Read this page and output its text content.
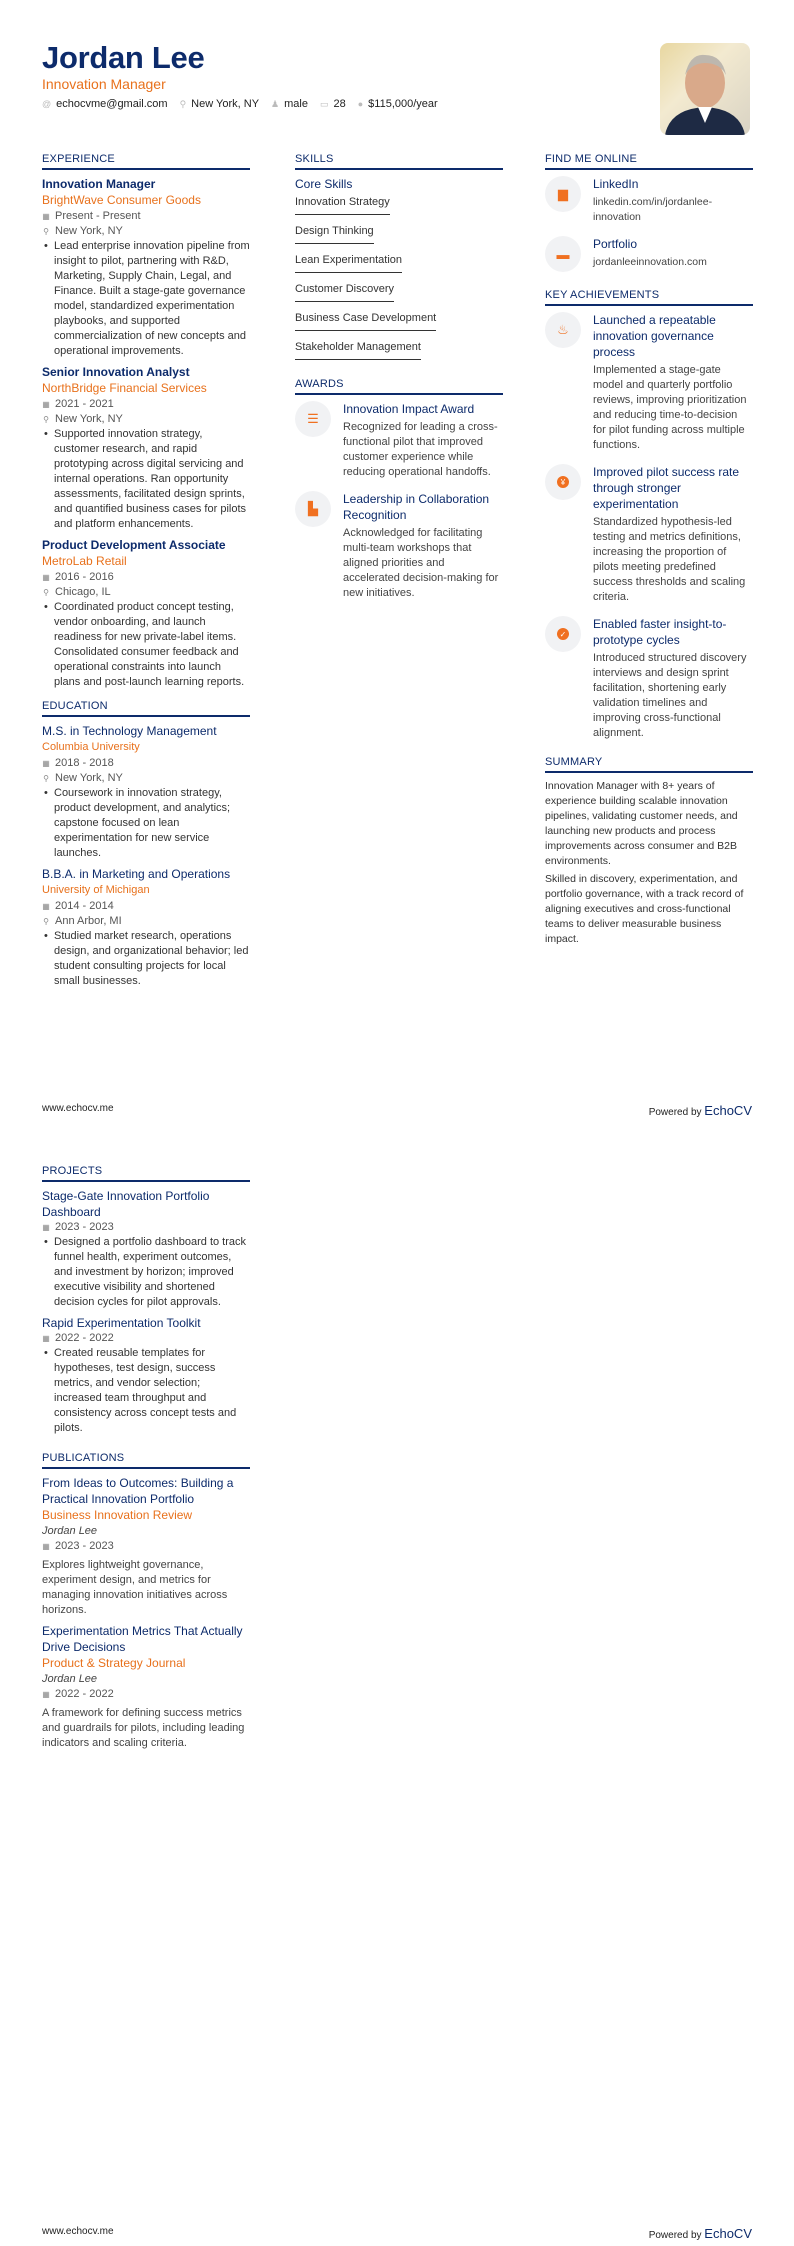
Jordan Lee
Innovation Manager
@ echocvme@gmail.com ⚲ New York, NY ♟ male ▭ 28 ● $115,000/year
EXPERIENCE
Innovation Manager
BrightWave Consumer Goods
▦ Present - Present
⚲ New York, NY
• Lead enterprise innovation pipeline from insight to pilot, partnering with R&D, Marketing, Supply Chain, Legal, and Finance. Built a stage-gate governance model, standardized experimentation playbooks, and supported commercialization of new concepts and operational improvements.
Senior Innovation Analyst
NorthBridge Financial Services
▦ 2021 - 2021
⚲ New York, NY
• Supported innovation strategy, customer research, and rapid prototyping across digital servicing and internal operations. Ran opportunity assessments, facilitated design sprints, and quantified business cases for pilots and platform enhancements.
Product Development Associate
MetroLab Retail
▦ 2016 - 2016
⚲ Chicago, IL
• Coordinated product concept testing, vendor onboarding, and launch readiness for new private-label items. Consolidated consumer feedback and operational constraints into launch plans and post-launch learning reports.
EDUCATION
M.S. in Technology Management
Columbia University
▦ 2018 - 2018
⚲ New York, NY
• Coursework in innovation strategy, product development, and analytics; capstone focused on lean experimentation for new service launches.
B.B.A. in Marketing and Operations
University of Michigan
▦ 2014 - 2014
⚲ Ann Arbor, MI
• Studied market research, operations design, and organizational behavior; led student consulting projects for local small businesses.
SKILLS
Core Skills
Innovation Strategy
Design Thinking
Lean Experimentation
Customer Discovery
Business Case Development
Stakeholder Management
AWARDS
☰
Innovation Impact Award
Recognized for leading a cross-functional pilot that improved customer experience while reducing operational handoffs.
▙
Leadership in Collaboration Recognition
Acknowledged for facilitating multi-team workshops that aligned priorities and accelerated decision-making for new initiatives.
FIND ME ONLINE
▆
LinkedIn
linkedin.com/in/jordanlee-innovation
▬
Portfolio
jordanleeinnovation.com
KEY ACHIEVEMENTS
♨
Launched a repeatable innovation governance process
Implemented a stage-gate model and quarterly portfolio reviews, improving prioritization and reducing time-to-decision for pilot funding across multiple functions.
¥
Improved pilot success rate through stronger experimentation
Standardized hypothesis-led testing and metrics definitions, increasing the proportion of pilots meeting predefined success thresholds and scaling criteria.
✓
Enabled faster insight-to-prototype cycles
Introduced structured discovery interviews and design sprint facilitation, shortening early validation timelines and improving cross-functional alignment.
SUMMARY
Innovation Manager with 8+ years of experience building scalable innovation pipelines, validating customer needs, and launching new products and process improvements across consumer and B2B environments.
Skilled in discovery, experimentation, and portfolio governance, with a track record of aligning executives and cross-functional teams to deliver measurable business impact.
www.echocv.me	Powered by EchoCV
PROJECTS
Stage-Gate Innovation Portfolio Dashboard
▦ 2023 - 2023
• Designed a portfolio dashboard to track funnel health, experiment outcomes, and investment by horizon; improved executive visibility and shortened decision cycles for pilot approvals.
Rapid Experimentation Toolkit
▦ 2022 - 2022
• Created reusable templates for hypotheses, test design, success metrics, and vendor selection; increased team throughput and consistency across concept tests and pilots.
PUBLICATIONS
From Ideas to Outcomes: Building a Practical Innovation Portfolio
Business Innovation Review
Jordan Lee
▦ 2023 - 2023
Explores lightweight governance, experiment design, and metrics for managing innovation initiatives across horizons.
Experimentation Metrics That Actually Drive Decisions
Product & Strategy Journal
Jordan Lee
▦ 2022 - 2022
A framework for defining success metrics and guardrails for pilots, including leading indicators and scaling criteria.
www.echocv.me	Powered by EchoCV
